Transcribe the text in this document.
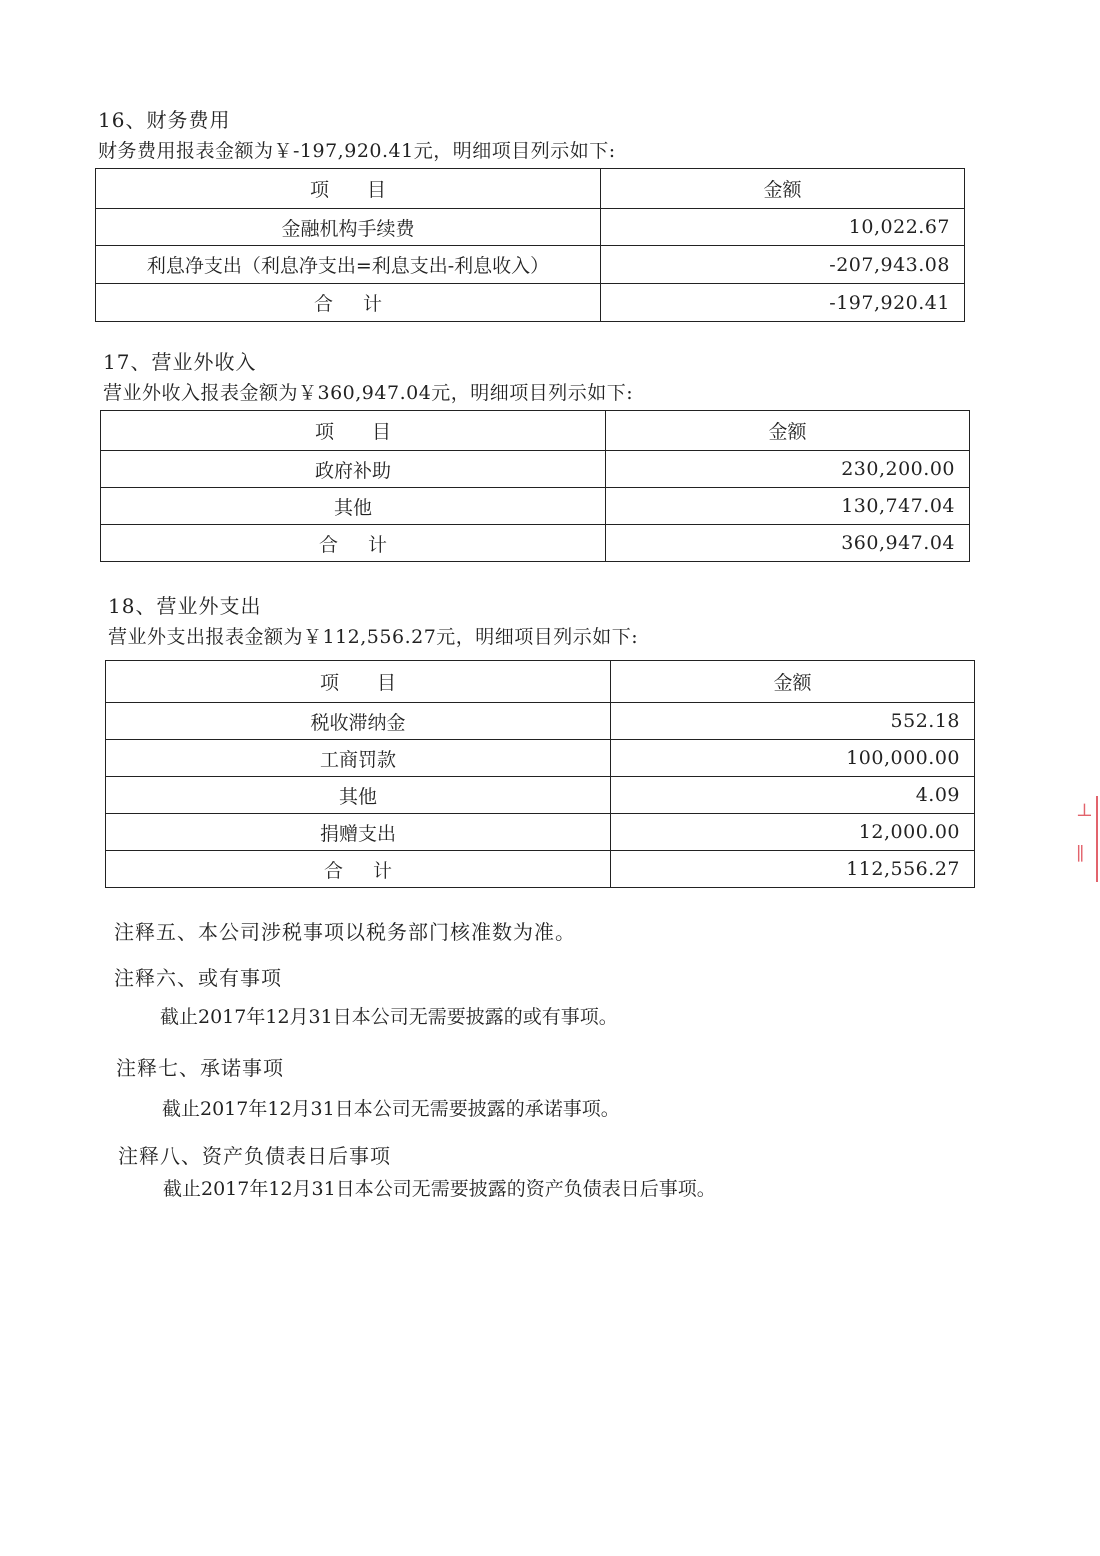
16、财务费用
财务费用报表金额为￥-197,920.41元，明细项目列示如下:
项　　目	金额
金融机构手续费	10,022.67
利息净支出（利息净支出=利息支出-利息收入）	-207,943.08
合计	-197,920.41
17、营业外收入
营业外收入报表金额为￥360,947.04元，明细项目列示如下:
项　　目	金额
政府补助	230,200.00
其他	130,747.04
合计	360,947.04
18、营业外支出
营业外支出报表金额为￥112,556.27元，明细项目列示如下:
项　　目	金额
税收滞纳金	552.18
工商罚款	100,000.00
其他	4.09
捐赠支出	12,000.00
合计	112,556.27
注释五、本公司涉税事项以税务部门核准数为准。
注释六、或有事项
截止2017年12月31日本公司无需要披露的或有事项。
注释七、承诺事项
截止2017年12月31日本公司无需要披露的承诺事项。
注释八、资产负债表日后事项
截止2017年12月31日本公司无需要披露的资产负债表日后事项。
⊥
∥
